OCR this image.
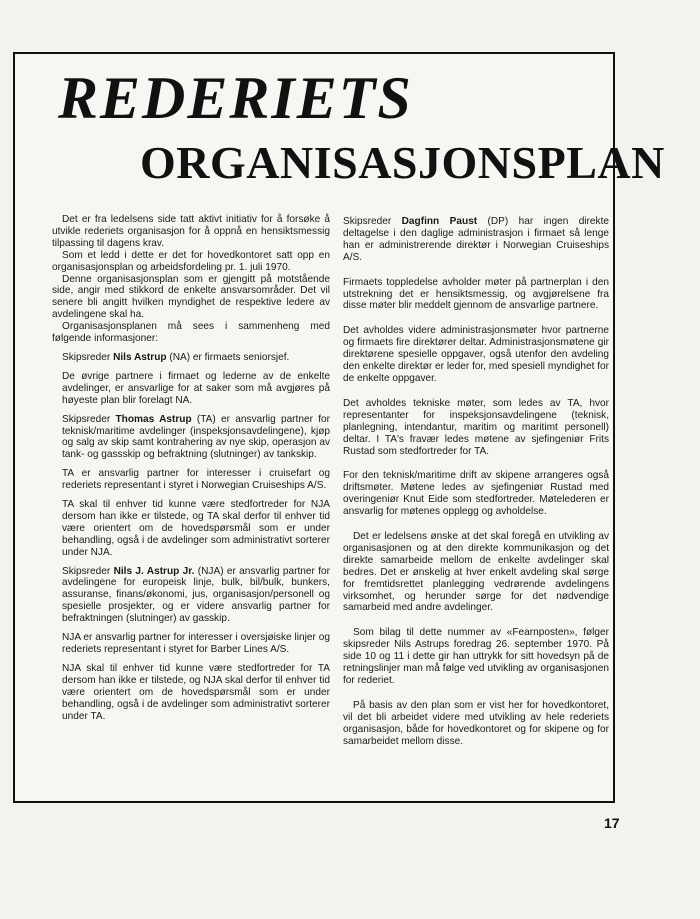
REDERIETS
ORGANISASJONSPLAN

Det er fra ledelsens side tatt aktivt initiativ for å forsøke å utvikle rederiets organisasjon for å oppnå en hensiktsmessig tilpassing til dagens krav.

Som et ledd i dette er det for hovedkontoret satt opp en organisasjonsplan og arbeidsfordeling pr. 1. juli 1970.

Denne organisasjonsplan som er gjengitt på motstående side, angir med stikkord de enkelte ansvarsområder. Det vil senere bli angitt hvilken myndighet de respektive ledere av avdelingene skal ha.

Organisasjonsplanen må sees i sammenheng med følgende informasjoner:

Skipsreder Nils Astrup (NA) er firmaets seniorsjef.

De øvrige partnere i firmaet og lederne av de enkelte avdelinger, er ansvarlige for at saker som må avgjøres på høyeste plan blir forelagt NA.

Skipsreder Thomas Astrup (TA) er ansvarlig partner for teknisk/maritime avdelinger (inspeksjonsavdelingene), kjøp og salg av skip samt kontrahering av nye skip, operasjon av tank- og gassskip og befraktning (slutninger) av tankskip.

TA er ansvarlig partner for interesser i cruisefart og rederiets representant i styret i Norwegian Cruiseships A/S.

TA skal til enhver tid kunne være stedfortreder for NJA dersom han ikke er tilstede, og TA skal derfor til enhver tid være orientert om de hovedspørsmål som er under behandling, også i de avdelinger som administrativt sorterer under NJA.

Skipsreder Nils J. Astrup Jr. (NJA) er ansvarlig partner for avdelingene for europeisk linje, bulk, bil/bulk, bunkers, assuranse, finans/økonomi, jus, organisasjon/personell og spesielle prosjekter, og er videre ansvarlig partner for befraktningen (slutninger) av gasskip.

NJA er ansvarlig partner for interesser i oversjøiske linjer og rederiets representant i styret for Barber Lines A/S.

NJA skal til enhver tid kunne være stedfortreder for TA dersom han ikke er tilstede, og NJA skal derfor til enhver tid være orientert om de hovedspørsmål som er under behandling, også i de avdelinger som administrativt sorterer under TA.

Skipsreder Dagfinn Paust (DP) har ingen direkte deltagelse i den daglige administrasjon i firmaet så lenge han er administrerende direktør i Norwegian Cruiseships A/S.

Firmaets toppledelse avholder møter på partnerplan i den utstrekning det er hensiktsmessig, og avgjørelsene fra disse møter blir meddelt gjennom de ansvarlige partnere.

Det avholdes videre administrasjonsmøter hvor partnerne og firmaets fire direktører deltar. Administrasjonsmøtene gir direktørene spesielle oppgaver, også utenfor den avdeling den enkelte direktør er leder for, med spesiell myndighet for de enkelte oppgaver.

Det avholdes tekniske møter, som ledes av TA, hvor representanter for inspeksjonsavdelingene (teknisk, planlegning, intendantur, maritim og maritimt personell) deltar. I TA's fravær ledes møtene av sjefingeniør Frits Rustad som stedfortreder for TA.

For den teknisk/maritime drift av skipene arrangeres også driftsmøter. Møtene ledes av sjefingeniør Rustad med overingeniør Knut Eide som stedfortreder. Møtelederen er ansvarlig for møtenes opplegg og avholdelse.

Det er ledelsens ønske at det skal foregå en utvikling av organisasjonen og at den direkte kommunikasjon og det direkte samarbeide mellom de enkelte avdelinger skal bedres. Det er ønskelig at hver enkelt avdeling skal sørge for fremtidsrettet planlegging vedrørende avdelingens virksomhet, og herunder sørge for det nødvendige samarbeid med andre avdelinger.

Som bilag til dette nummer av «Fearnposten», følger skipsreder Nils Astrups foredrag 26. september 1970. På side 10 og 11 i dette gir han uttrykk for sitt hovedsyn på de retningslinjer man må følge ved utvikling av organisasjonen for rederiet.

På basis av den plan som er vist her for hovedkontoret, vil det bli arbeidet videre med utvikling av hele rederiets organisasjon, både for hovedkontoret og for skipene og for samarbeidet mellom disse.

17
